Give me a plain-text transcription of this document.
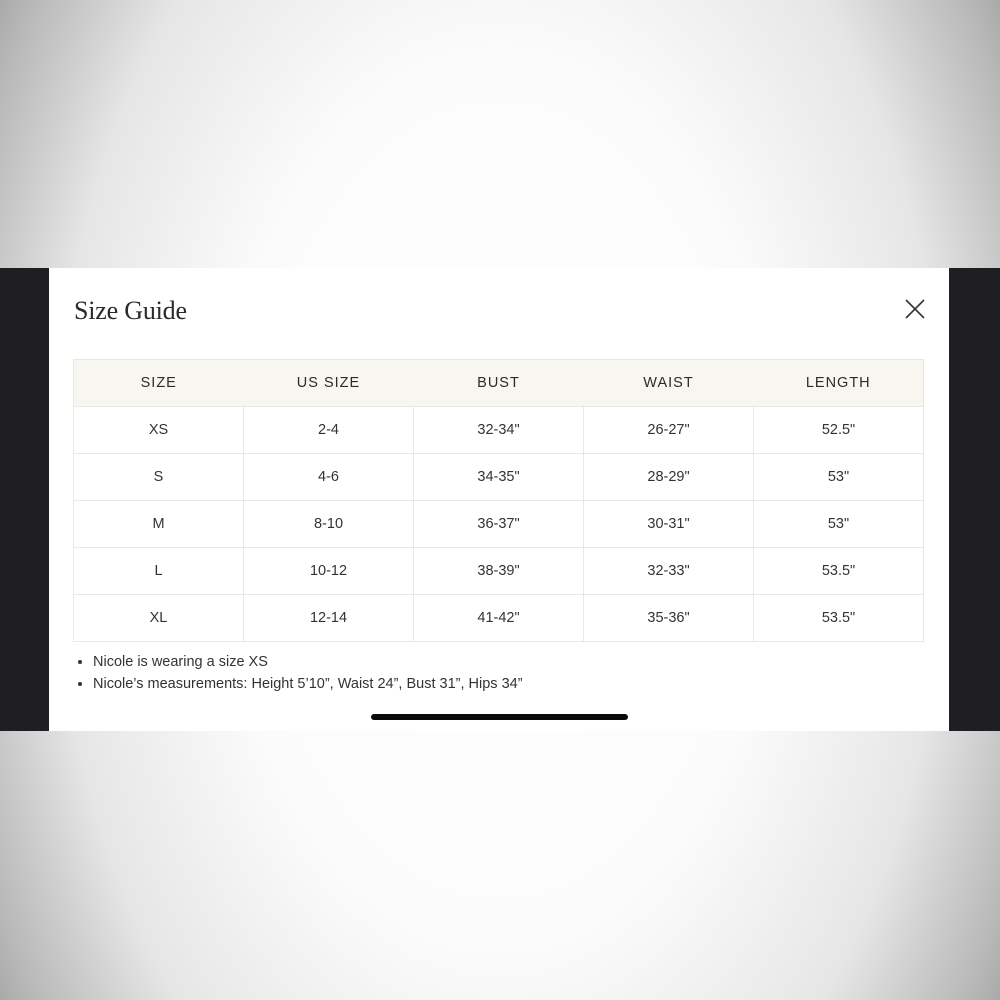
Size Guide
SIZE	US SIZE	BUST	WAIST	LENGTH
XS	2-4	32-34"	26-27"	52.5"
S	4-6	34-35"	28-29"	53"
M	8-10	36-37"	30-31"	53"
L	10-12	38-39"	32-33"	53.5"
XL	12-14	41-42"	35-36"	53.5"
• Nicole is wearing a size XS
• Nicole’s measurements: Height 5’10”, Waist 24”, Bust 31”, Hips 34”
